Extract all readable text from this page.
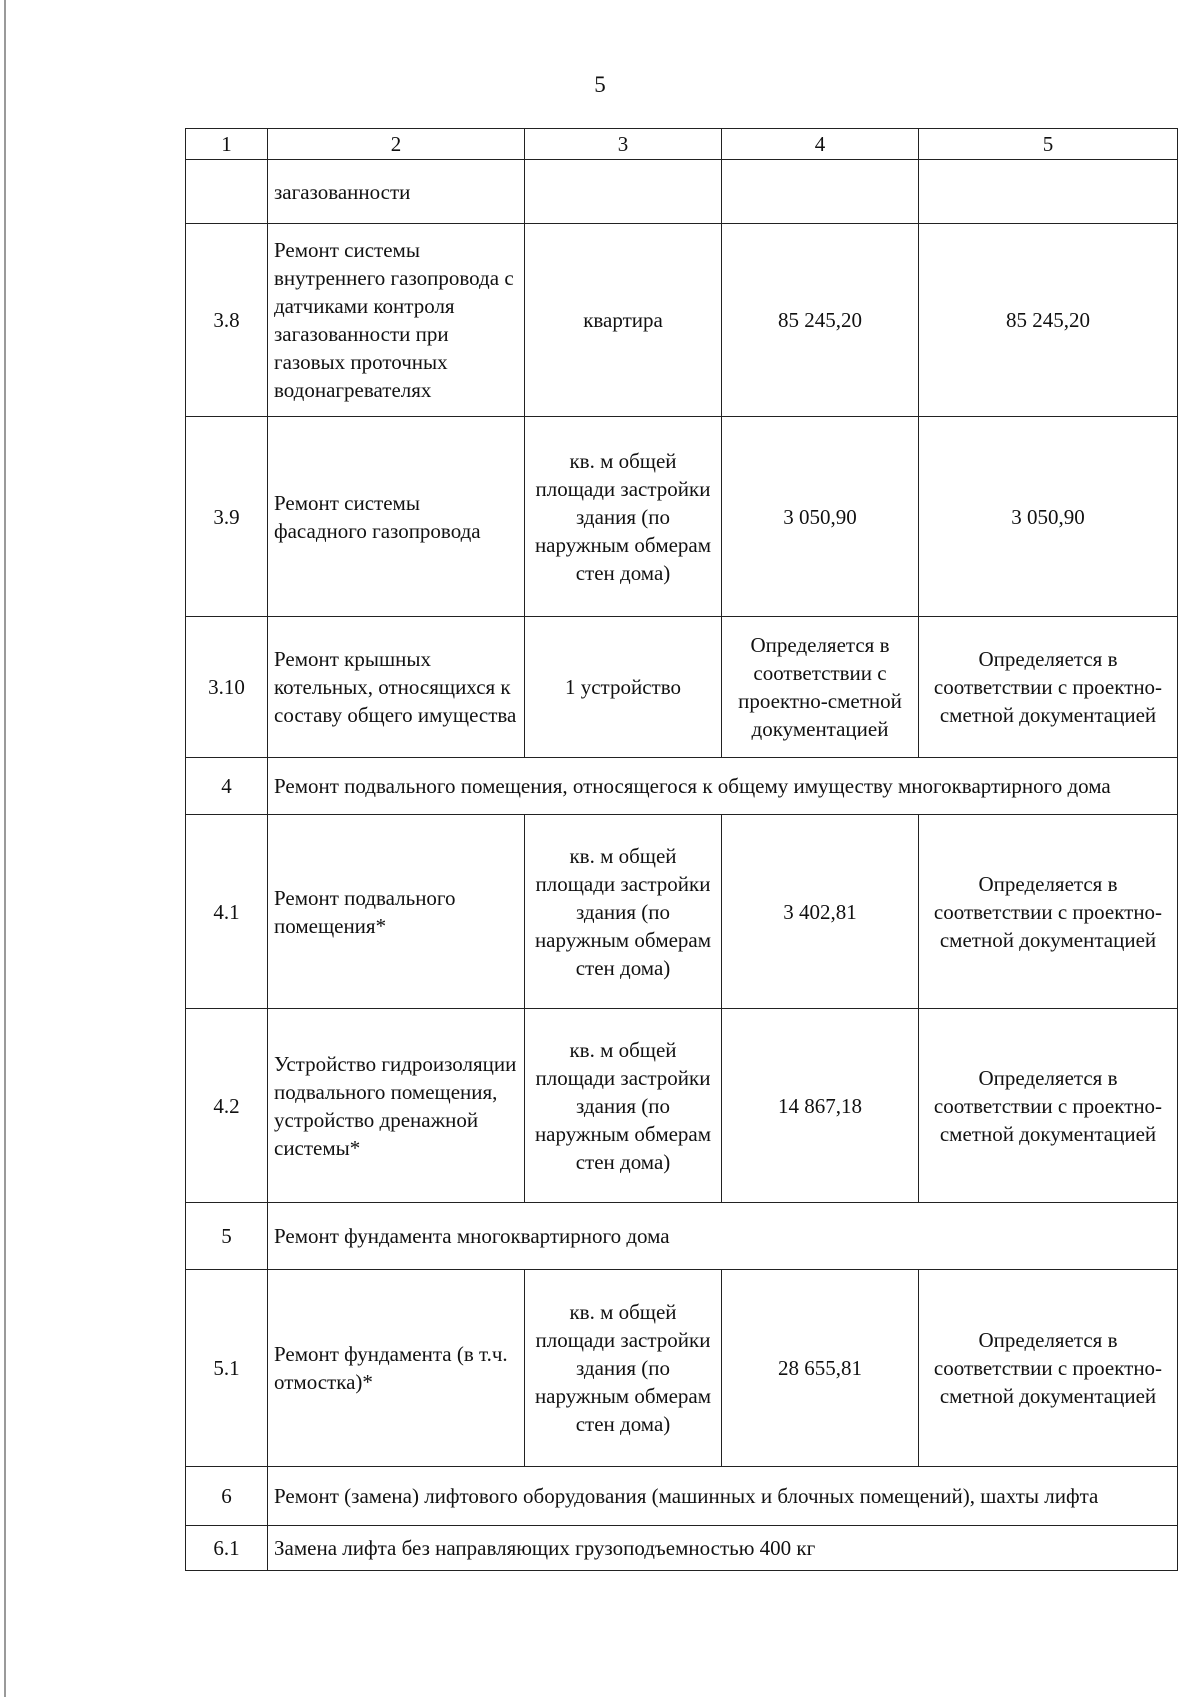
5
1	2	3	4	5
	загазованности			
3.8	Ремонт системы внутреннего газопровода с датчиками контроля загазованности при газовых проточных водонагревателях	квартира	85 245,20	85 245,20
3.9	Ремонт системы фасадного газопровода	кв. м общей площади застройки здания (по наружным обмерам стен дома)	3 050,90	3 050,90
3.10	Ремонт крышных котельных, относящихся к составу общего имущества	1 устройство	Определяется в соответствии с проектно-сметной документацией	Определяется в соответствии с проектно-сметной документацией
4	Ремонт подвального помещения, относящегося к общему имуществу многоквартирного дома			
4.1	Ремонт подвального помещения*	кв. м общей площади застройки здания (по наружным обмерам стен дома)	3 402,81	Определяется в соответствии с проектно-сметной документацией
4.2	Устройство гидроизоляции подвального помещения, устройство дренажной системы*	кв. м общей площади застройки здания (по наружным обмерам стен дома)	14 867,18	Определяется в соответствии с проектно-сметной документацией
5	Ремонт фундамента многоквартирного дома			
5.1	Ремонт фундамента (в т.ч. отмостка)*	кв. м общей площади застройки здания (по наружным обмерам стен дома)	28 655,81	Определяется в соответствии с проектно-сметной документацией
6	Ремонт (замена) лифтового оборудования (машинных и блочных помещений), шахты лифта			
6.1	Замена лифта без направляющих грузоподъемностью 400 кг			
